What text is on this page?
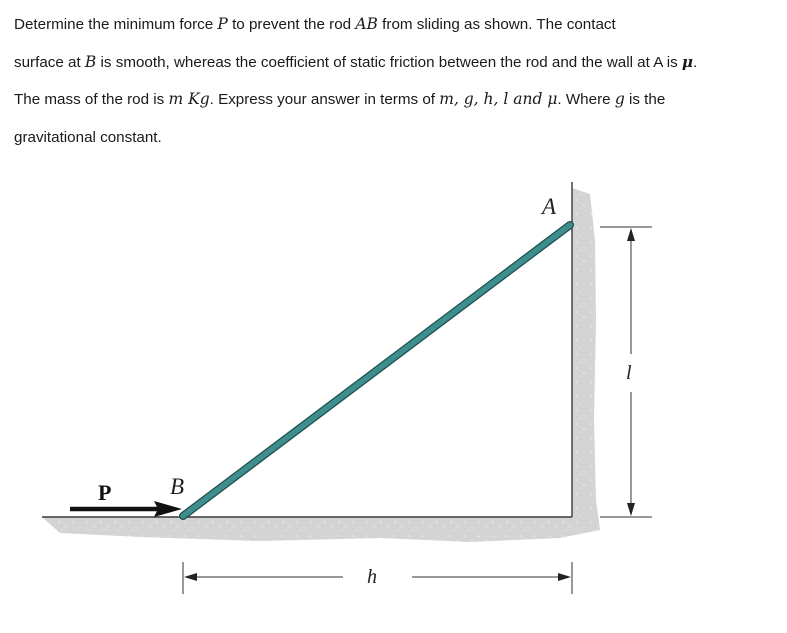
Determine the minimum force P to prevent the rod AB from sliding as shown. The contact
surface at B is smooth, whereas the coefficient of static friction between the rod and the wall at A is μ.
The mass of the rod is m Kg. Express your answer in terms of m, g, h, l and μ. Where g is the
gravitational constant.
A
B
P
h
l
